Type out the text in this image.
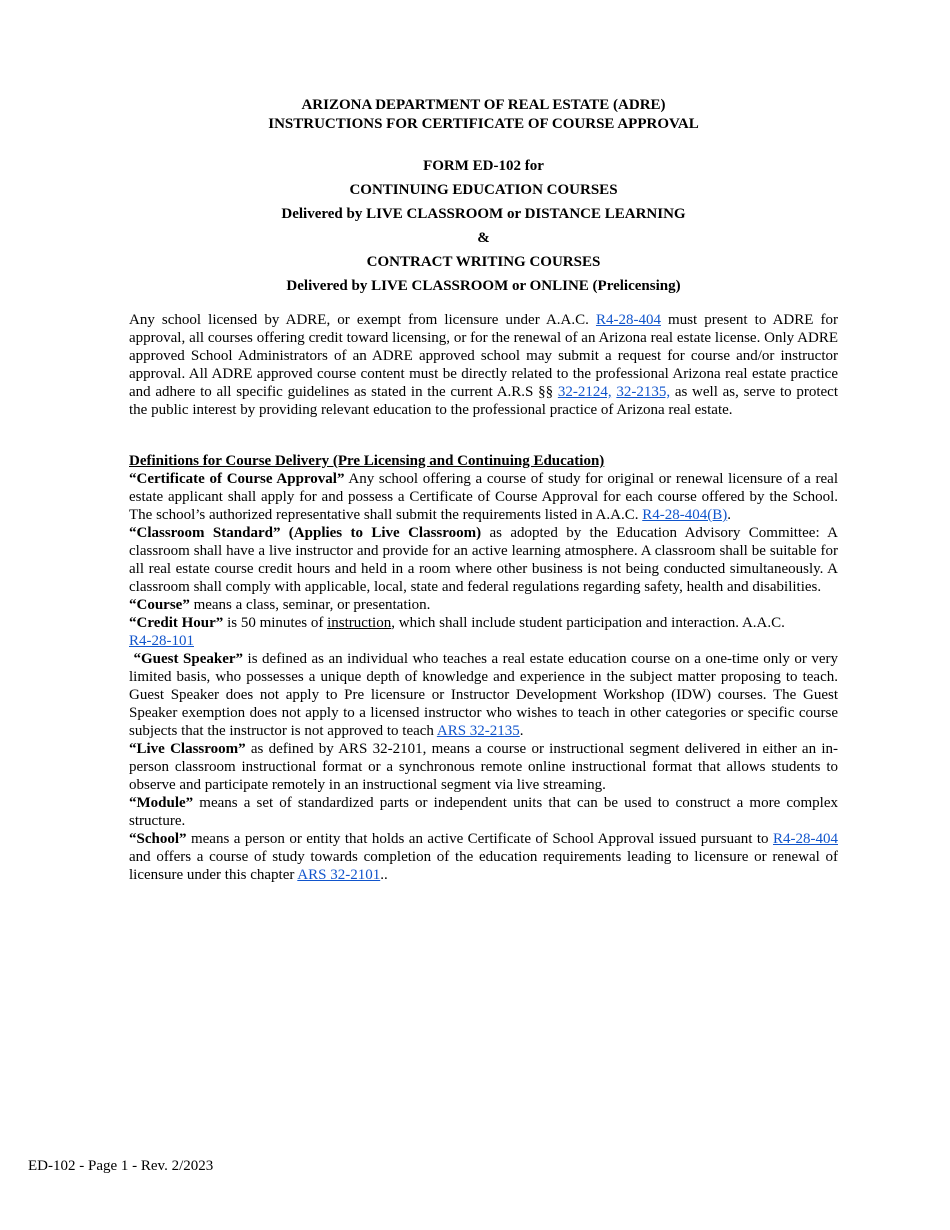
ARIZONA DEPARTMENT OF REAL ESTATE (ADRE)
INSTRUCTIONS FOR CERTIFICATE OF COURSE APPROVAL
FORM ED-102 for
CONTINUING EDUCATION COURSES
Delivered by LIVE CLASSROOM or DISTANCE LEARNING
&
CONTRACT WRITING COURSES
Delivered by LIVE CLASSROOM or ONLINE (Prelicensing)

Any school licensed by ADRE, or exempt from licensure under A.A.C. R4-28-404 must present to ADRE for approval, all courses offering credit toward licensing, or for the renewal of an Arizona real estate license. Only ADRE approved School Administrators of an ADRE approved school may submit a request for course and/or instructor approval. All ADRE approved course content must be directly related to the professional Arizona real estate practice and adhere to all specific guidelines as stated in the current A.R.S §§ 32-2124, 32-2135, as well as, serve to protect the public interest by providing relevant education to the professional practice of Arizona real estate.

Definitions for Course Delivery (Pre Licensing and Continuing Education)
“Certificate of Course Approval” Any school offering a course of study for original or renewal licensure of a real estate applicant shall apply for and possess a Certificate of Course Approval for each course offered by the School. The school’s authorized representative shall submit the requirements listed in A.A.C. R4-28-404(B).
“Classroom Standard” (Applies to Live Classroom) as adopted by the Education Advisory Committee: A classroom shall have a live instructor and provide for an active learning atmosphere. A classroom shall be suitable for all real estate course credit hours and held in a room where other business is not being conducted simultaneously. A classroom shall comply with applicable, local, state and federal regulations regarding safety, health and disabilities.
“Course” means a class, seminar, or presentation.
“Credit Hour” is 50 minutes of instruction, which shall include student participation and interaction. A.A.C.
R4-28-101
“Guest Speaker” is defined as an individual who teaches a real estate education course on a one-time only or very limited basis, who possesses a unique depth of knowledge and experience in the subject matter proposing to teach. Guest Speaker does not apply to Pre licensure or Instructor Development Workshop (IDW) courses. The Guest Speaker exemption does not apply to a licensed instructor who wishes to teach in other categories or specific course subjects that the instructor is not approved to teach ARS 32-2135.
“Live Classroom” as defined by ARS 32-2101, means a course or instructional segment delivered in either an in-person classroom instructional format or a synchronous remote online instructional format that allows students to observe and participate remotely in an instructional segment via live streaming.
“Module” means a set of standardized parts or independent units that can be used to construct a more complex structure.
“School” means a person or entity that holds an active Certificate of School Approval issued pursuant to R4-28-404 and offers a course of study towards completion of the education requirements leading to licensure or renewal of licensure under this chapter ARS 32-2101..
ED-102 - Page 1 - Rev. 2/2023
